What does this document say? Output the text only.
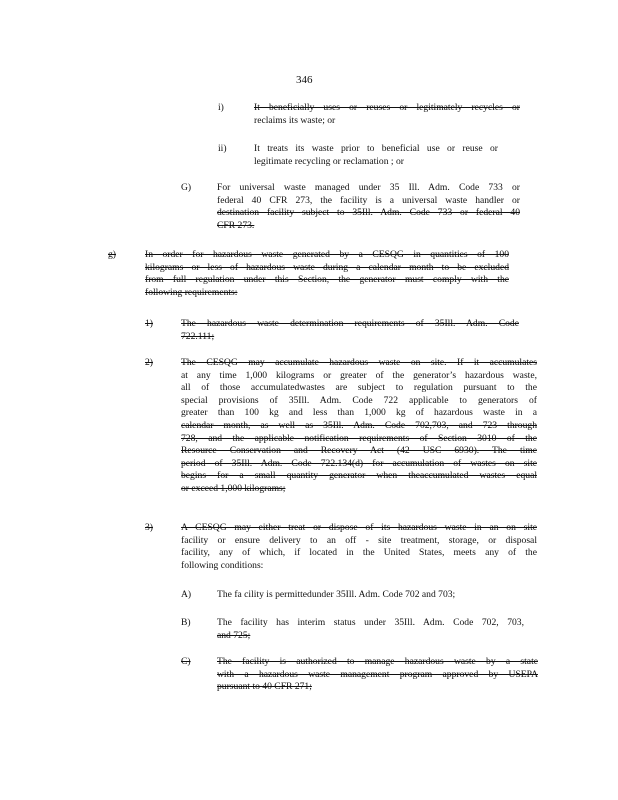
346
i)	It beneficially uses or reuses or legitimately recycles or
reclaims its waste; or
ii)	It treats its waste prior to beneficial use or reuse or
legitimate recycling or reclamation ; or
G)	For universal waste managed under 35 Ill. Adm. Code 733 or
federal 40 CFR 273, the facility is a universal waste handler or
destination facility subject to 35Ill. Adm. Code 733 or federal 40
CFR 273.
g)	In order for hazardous waste generated by a CESQG in quantities of 100
kilograms or less of hazardous waste during a calendar month to be excluded
from full regulation under this Section, the generator must comply with the
following requirements:
1)	The hazardous waste determination requirements of 35Ill. Adm. Code
722.111;
2)	The CESQG may accumulate hazardous waste on site. If it accumulates
at any time 1,000 kilograms or greater of the generator’s hazardous waste,
all of those accumulatedwastes are subject to regulation pursuant to the
special provisions of 35Ill. Adm. Code 722 applicable to generators of
greater than 100 kg and less than 1,000 kg of hazardous waste in a
calendar month, as well as 35Ill. Adm. Code 702,703, and 723 through
728, and the applicable notification requirements of Section 3010 of the
Resource Conservation and Recovery Act (42 USC 6930). The time
period of 35Ill. Adm. Code 722.134(d) for accumulation of wastes on site
begins for a small quantity generator when theaccumulated wastes equal
or exceed 1,000 kilograms;
3)	A CESQG may either treat or dispose of its hazardous waste in an on site
facility or ensure delivery to an off - site treatment, storage, or disposal
facility, any of which, if located in the United States, meets any of the
following conditions:
A)	The fa cility is permittedunder 35Ill. Adm. Code 702 and 703;
B)	The facility has interim status under 35Ill. Adm. Code 702, 703,
and 725;
C)	The facility is authorized to manage hazardous waste by a state
with a hazardous waste management program approved by USEPA
pursuant to 40 CFR 271;
